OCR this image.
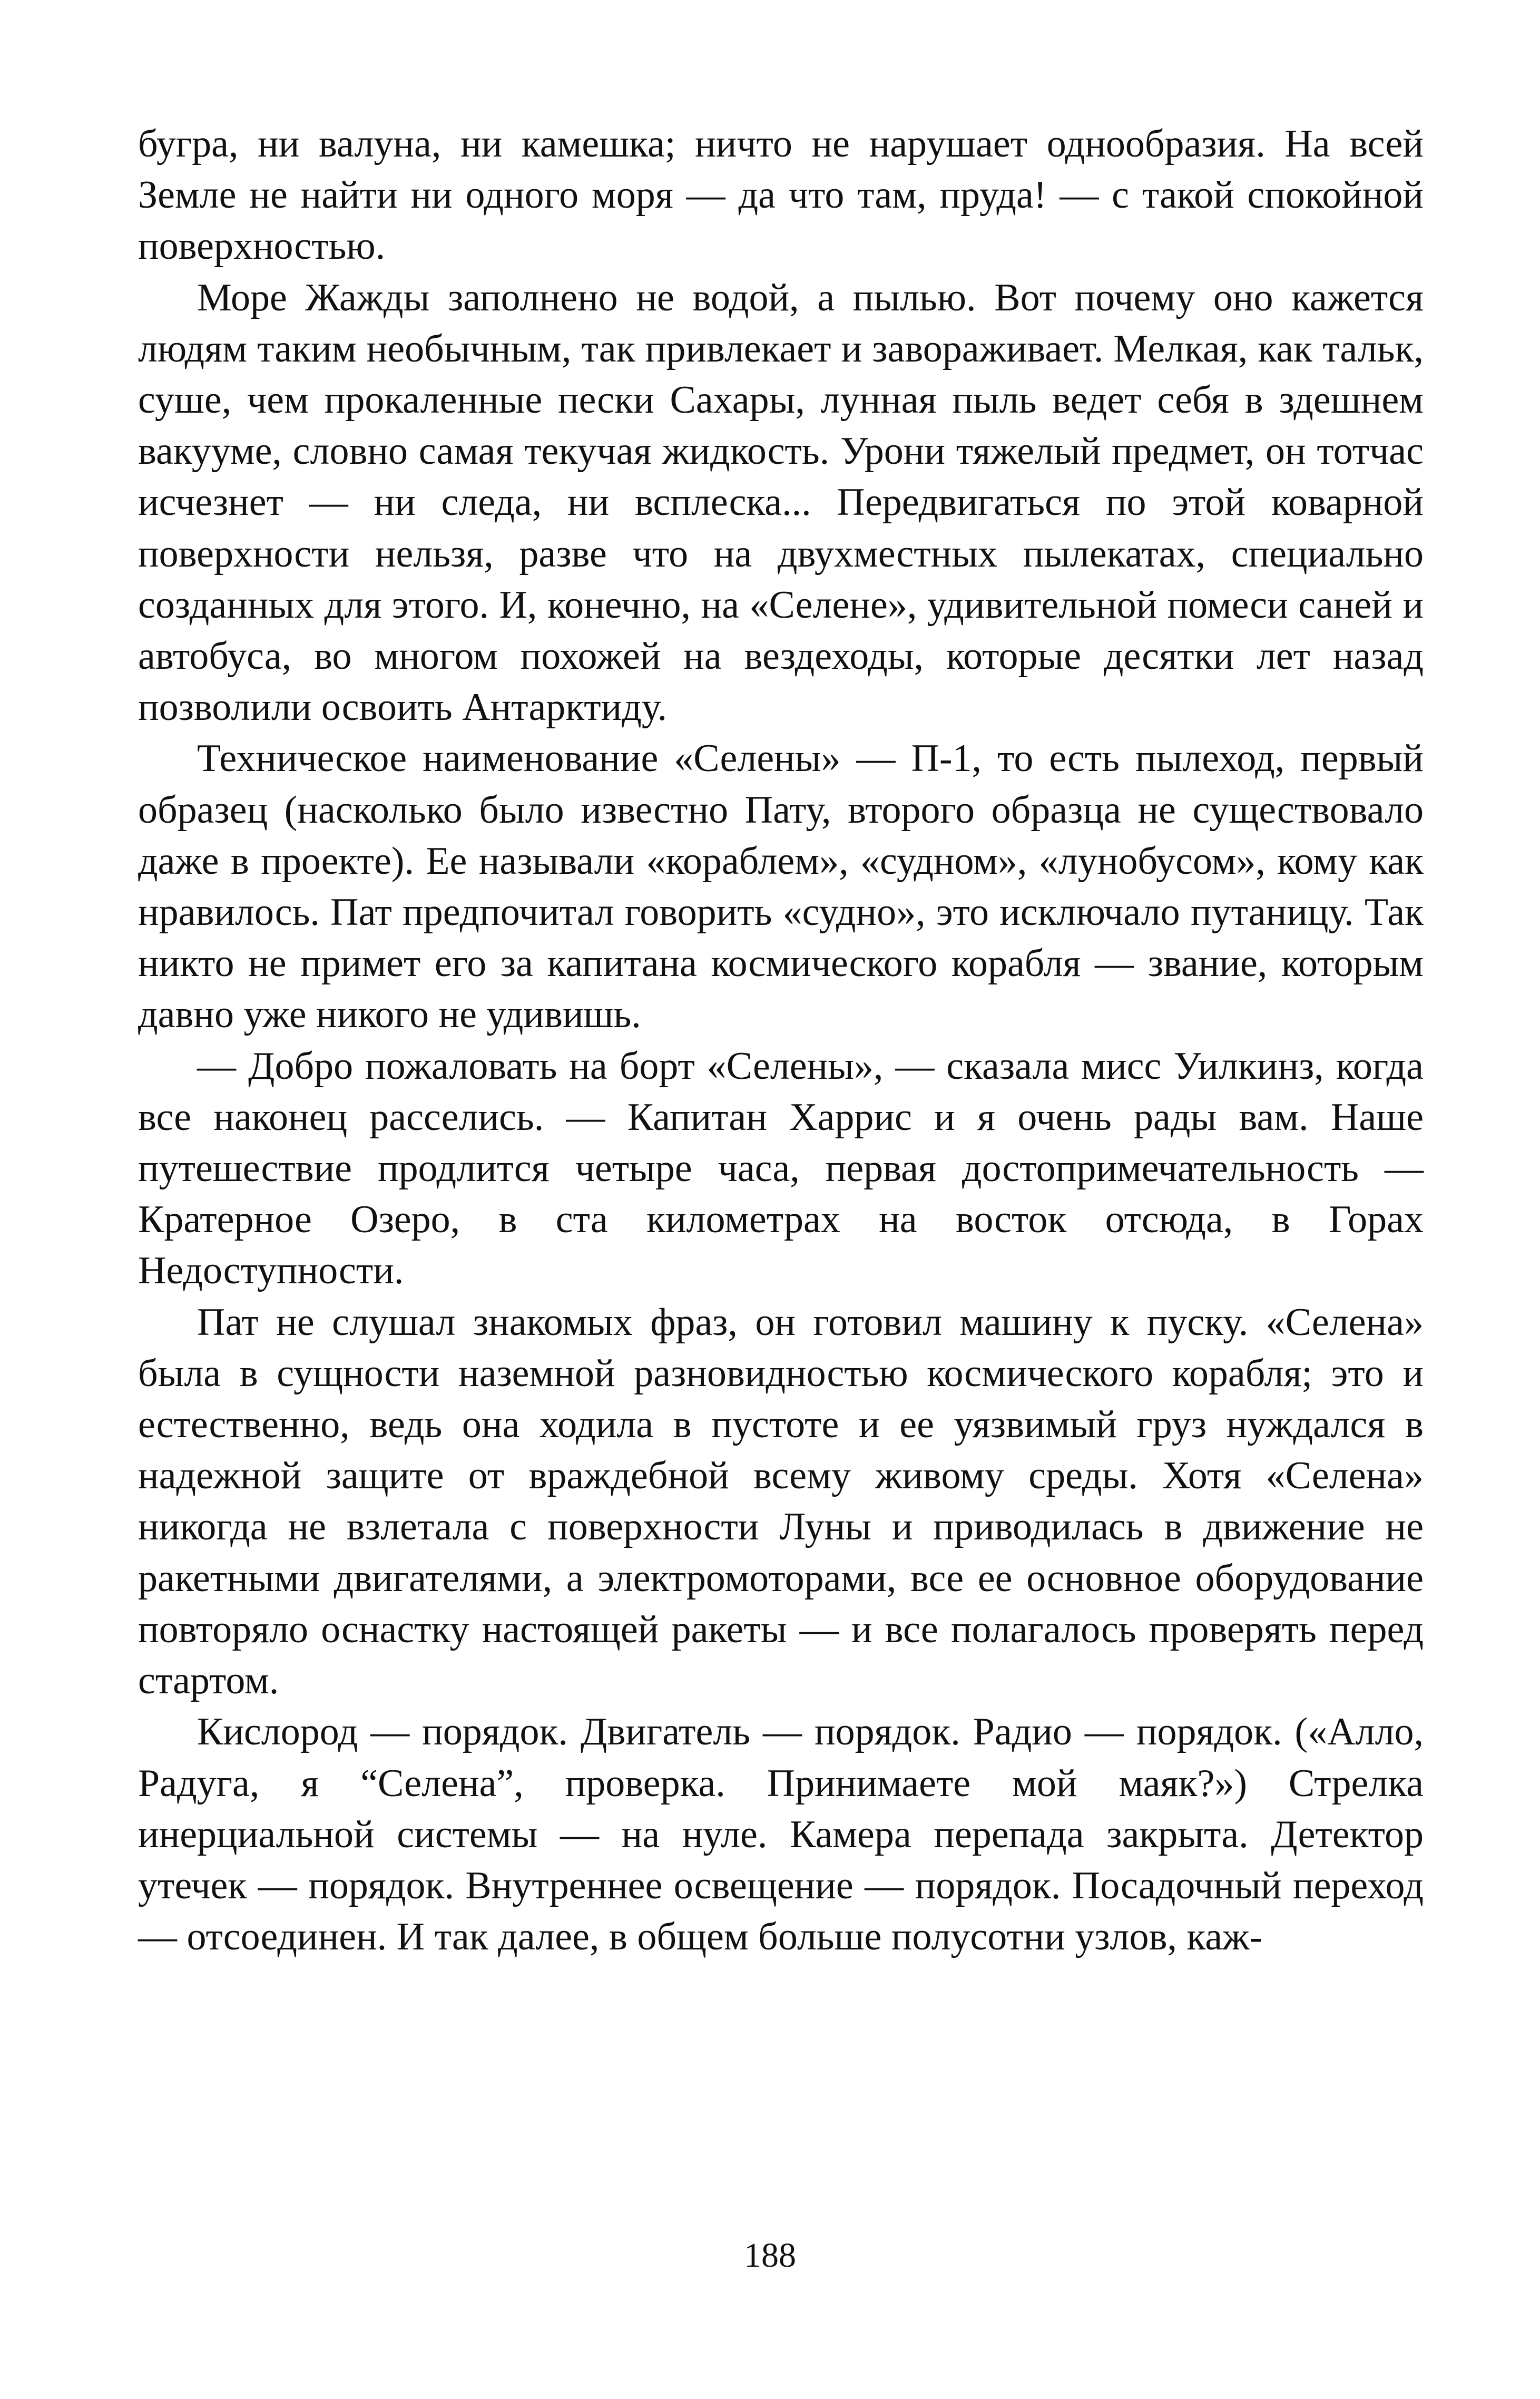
бугра, ни валуна, ни камешка; ничто не нарушает однообразия. На всей Земле не найти ни одного моря — да что там, пруда! — с такой спокойной поверхностью.

Море Жажды заполнено не водой, а пылью. Вот почему оно кажется людям таким необычным, так привлекает и завораживает. Мелкая, как тальк, суше, чем прокаленные пески Сахары, лунная пыль ведет себя в здешнем вакууме, словно самая текучая жидкость. Урони тяжелый предмет, он тотчас исчезнет — ни следа, ни всплеска... Передвигаться по этой коварной поверхности нельзя, разве что на двухместных пылекатах, специально созданных для этого. И, конечно, на «Селене», удивительной помеси саней и автобуса, во многом похожей на вездеходы, которые десятки лет назад позволили освоить Антарктиду.

Техническое наименование «Селены» — П-1, то есть пылеход, первый образец (насколько было известно Пату, второго образца не существовало даже в проекте). Ее называли «кораблем», «судном», «лунобусом», кому как нравилось. Пат предпочитал говорить «судно», это исключало путаницу. Так никто не примет его за капитана космического корабля — звание, которым давно уже никого не удивишь.

— Добро пожаловать на борт «Селены», — сказала мисс Уилкинз, когда все наконец расселись. — Капитан Харрис и я очень рады вам. Наше путешествие продлится четыре часа, первая достопримечательность — Кратерное Озеро, в ста километрах на восток отсюда, в Горах Недоступности.

Пат не слушал знакомых фраз, он готовил машину к пуску. «Селена» была в сущности наземной разновидностью космического корабля; это и естественно, ведь она ходила в пустоте и ее уязвимый груз нуждался в надежной защите от враждебной всему живому среды. Хотя «Селена» никогда не взлетала с поверхности Луны и приводилась в движение не ракетными двигателями, а электромоторами, все ее основное оборудование повторяло оснастку настоящей ракеты — и все полагалось проверять перед стартом.

Кислород — порядок. Двигатель — порядок. Радио — порядок. («Алло, Радуга, я “Селена”, проверка. Принимаете мой маяк?») Стрелка инерциальной системы — на нуле. Камера перепада закрыта. Детектор утечек — порядок. Внутреннее освещение — порядок. Посадочный переход — отсоединен. И так далее, в общем больше полусотни узлов, каж-

188
